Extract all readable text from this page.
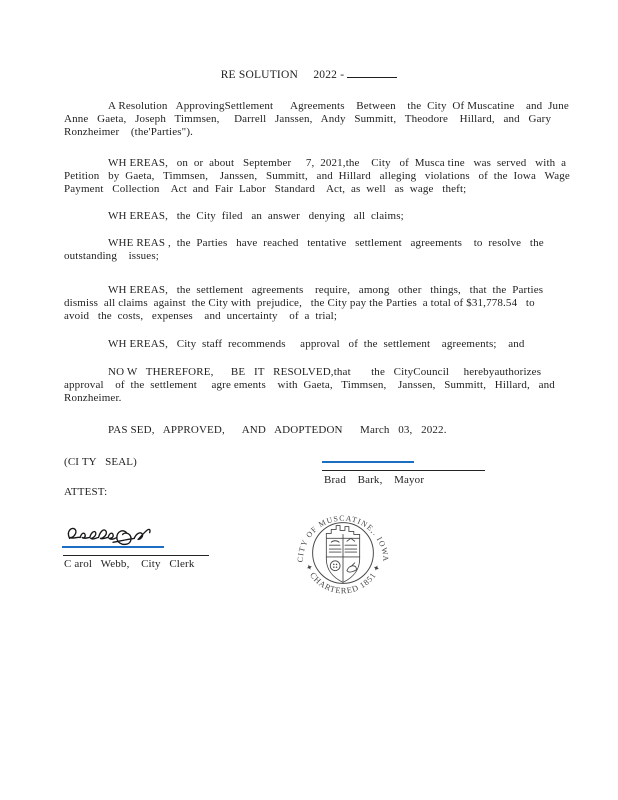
RE SOLUTION     2022 -
A Resolution   ApprovingSettlement      Agreements    Between    the  City  Of Muscatine    and  June
Anne   Gaeta,   Joseph   Timmsen,     Darrell   Janssen,   Andy   Summitt,   Theodore    Hillard,   and   Gary
Ronzheimer    (the'Parties").
WH EREAS,   on  or  about   September     7,  2021,the    City   of  Musca tine   was  served   with  a
Petition   by  Gaeta,   Timmsen,    Janssen,   Summitt,   and  Hillard   alleging   violations   of  the  Iowa   Wage
Payment   Collection    Act  and  Fair  Labor   Standard    Act,  as  well   as  wage   theft;
WH EREAS,   the  City  filed   an  answer   denying   all  claims;
WHE REAS ,  the  Parties   have  reached   tentative   settlement   agreements    to  resolve   the
outstanding    issues;
WH EREAS,   the  settlement   agreements    require,   among   other   things,   that  the  Parties
dismiss  all claims  against  the City with  prejudice,   the City pay the Parties  a total of $31,778.54   to
avoid   the  costs,   expenses    and  uncertainty    of  a  trial;
WH EREAS,   City  staff  recommends     approval   of  the  settlement    agreements;    and
NO W   THEREFORE,      BE   IT   RESOLVED,that       the   CityCouncil     herebyauthorizes
approval    of  the  settlement     agre ements    with  Gaeta,   Timmsen,    Janssen,   Summitt,   Hillard,   and
Ronzheimer.
PAS SED,   APPROVED,      AND   ADOPTEDON      March   03,   2022.
(CI TY   SEAL)
ATTEST:
Brad    Bark,    Mayor
C arol   Webb,    City   Clerk	CITY OF MUSCATINE,. IOWA
✦ CHARTERED 1851 ✦
